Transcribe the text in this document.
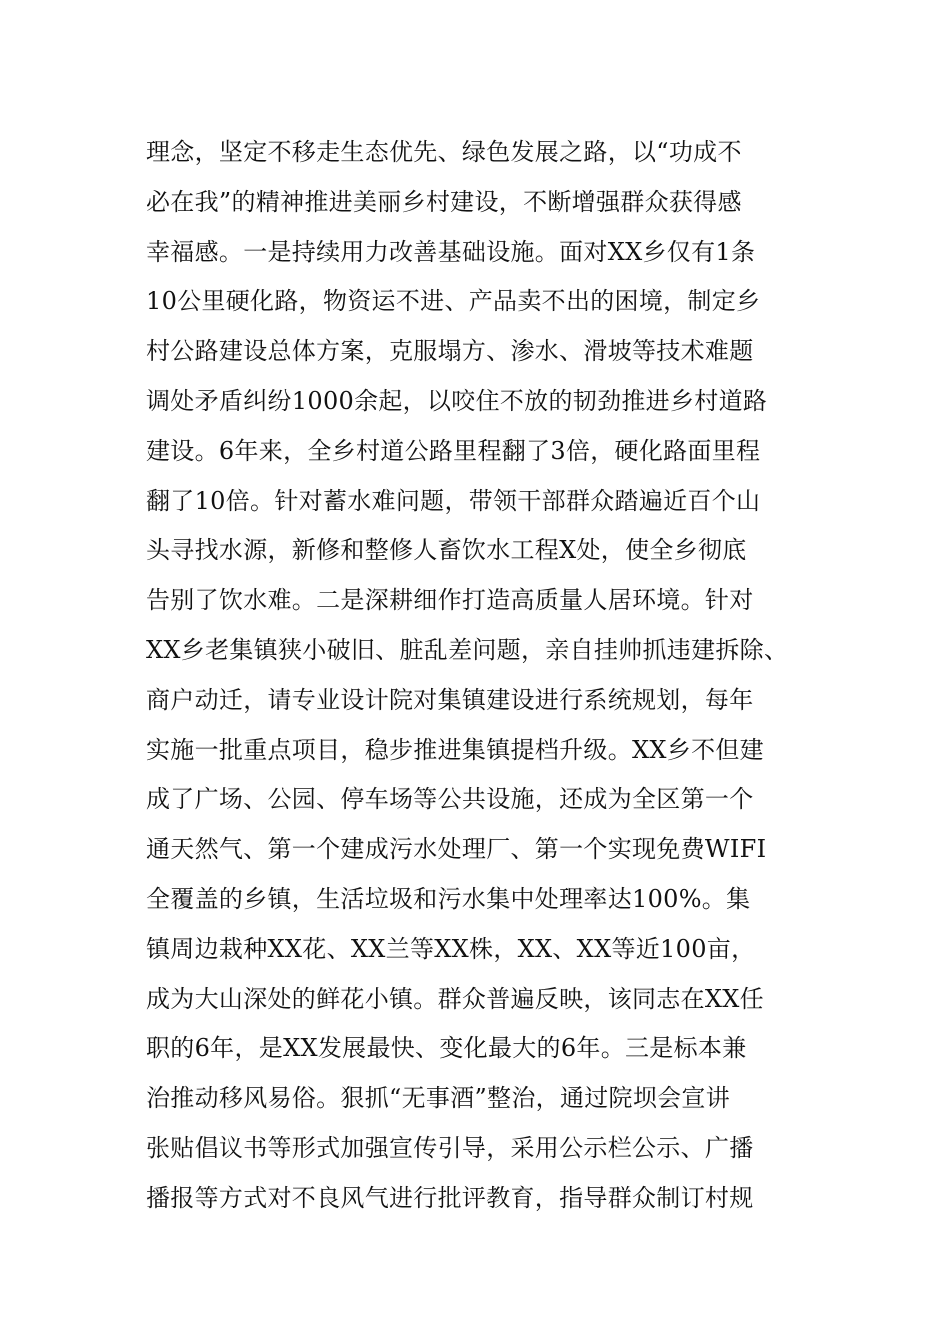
理念，坚定不移走生态优先、绿色发展之路，以“功成不
必在我”的精神推进美丽乡村建设，不断增强群众获得感
幸福感。一是持续用力改善基础设施。面对XX乡仅有1条
10公里硬化路，物资运不进、产品卖不出的困境，制定乡
村公路建设总体方案，克服塌方、渗水、滑坡等技术难题
调处矛盾纠纷1000余起，以咬住不放的韧劲推进乡村道路
建设。6年来，全乡村道公路里程翻了3倍，硬化路面里程
翻了10倍。针对蓄水难问题，带领干部群众踏遍近百个山
头寻找水源，新修和整修人畜饮水工程X处，使全乡彻底
告别了饮水难。二是深耕细作打造高质量人居环境。针对
XX乡老集镇狭小破旧、脏乱差问题，亲自挂帅抓违建拆除、
商户动迁，请专业设计院对集镇建设进行系统规划，每年
实施一批重点项目，稳步推进集镇提档升级。XX乡不但建
成了广场、公园、停车场等公共设施，还成为全区第一个
通天然气、第一个建成污水处理厂、第一个实现免费WIFI
全覆盖的乡镇，生活垃圾和污水集中处理率达100%。集
镇周边栽种XX花、XX兰等XX株，XX、XX等近100亩，
成为大山深处的鲜花小镇。群众普遍反映，该同志在XX任
职的6年，是XX发展最快、变化最大的6年。三是标本兼
治推动移风易俗。狠抓“无事酒”整治，通过院坝会宣讲
张贴倡议书等形式加强宣传引导，采用公示栏公示、广播
播报等方式对不良风气进行批评教育，指导群众制订村规
